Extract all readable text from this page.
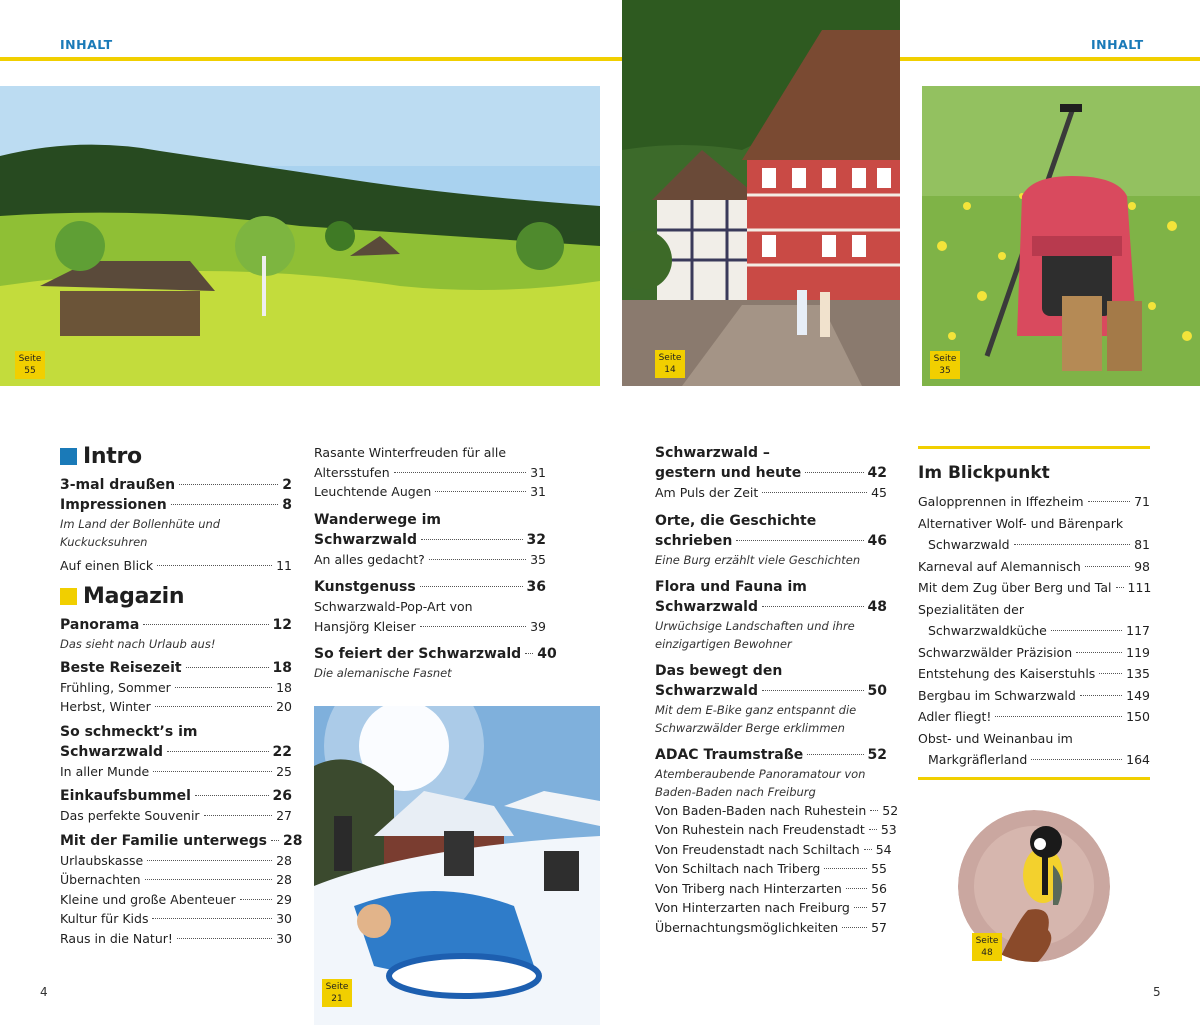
INHALT	INHALT
Seite
55
Seite
14
Seite
35
Intro
3-mal draußen	2
Impressionen	8
Im Land der Bollenhüte und
Kuckucksuhren
Auf einen Blick	11
Magazin
Panorama	12
Das sieht nach Urlaub aus!
Beste Reisezeit	18
Frühling, Sommer	18
Herbst, Winter	20
So schmeckt’s im
Schwarzwald	22
In aller Munde	25
Einkaufsbummel	26
Das perfekte Souvenir	27
Mit der Familie unterwegs 28
Urlaubskasse	28
Übernachten	28
Kleine und große Abenteuer	29
Kultur für Kids	30
Raus in die Natur!	30
Rasante Winterfreuden für alle
Altersstufen	31
Leuchtende Augen	31
Wanderwege im
Schwarzwald	32
An alles gedacht?	35
Kunstgenuss	36
Schwarzwald-Pop-Art von
Hansjörg Kleiser	39
So feiert der Schwarzwald 40
Die alemanische Fasnet
Seite
21
Schwarzwald –
gestern und heute	42
Am Puls der Zeit	45
Orte, die Geschichte
schrieben	46
Eine Burg erzählt viele Geschichten
Flora und Fauna im
Schwarzwald	48
Urwüchsige Landschaften und ihre
einzigartigen Bewohner
Das bewegt den
Schwarzwald	50
Mit dem E-Bike ganz entspannt die
Schwarzwälder Berge erklimmen
ADAC Traumstraße	52
Atemberaubende Panoramatour von
Baden-Baden nach Freiburg
Von Baden-Baden nach Ruhestein 52
Von Ruhestein nach Freudenstadt 53
Von Freudenstadt nach Schiltach 54
Von Schiltach nach Triberg	55
Von Triberg nach Hinterzarten 56
Von Hinterzarten nach Freiburg 57
Übernachtungsmöglichkeiten	57
Im Blickpunkt
Galopprennen in Iffezheim	71
Alternativer Wolf- und Bärenpark
Schwarzwald	81
Karneval auf Alemannisch	98
Mit dem Zug über Berg und Tal 111
Spezialitäten der
Schwarzwaldküche	117
Schwarzwälder Präzision	119
Entstehung des Kaiserstuhls 135
Bergbau im Schwarzwald	149
Adler fliegt!	150
Obst- und Weinanbau im
Markgräflerland	164
Seite
48
4	5
